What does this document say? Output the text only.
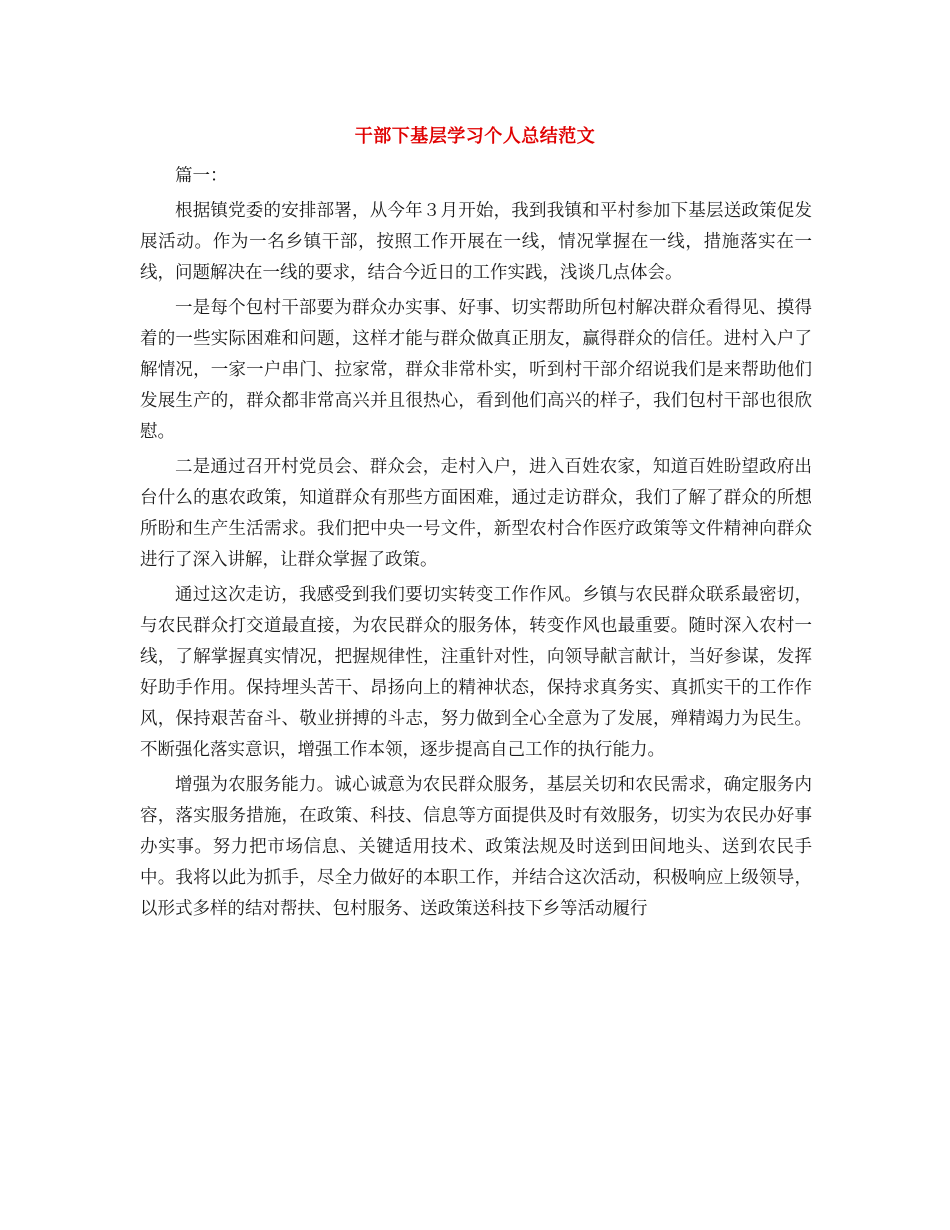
干部下基层学习个人总结范文

篇一：

根据镇党委的安排部署，从今年３月开始，我到我镇和平村参加下基层送政策促发展活动。作为一名乡镇干部，按照工作开展在一线，情况掌握在一线，措施落实在一线，问题解决在一线的要求，结合今近日的工作实践，浅谈几点体会。

一是每个包村干部要为群众办实事、好事、切实帮助所包村解决群众看得见、摸得着的一些实际困难和问题，这样才能与群众做真正朋友，赢得群众的信任。进村入户了解情况，一家一户串门、拉家常，群众非常朴实，听到村干部介绍说我们是来帮助他们发展生产的，群众都非常高兴并且很热心，看到他们高兴的样子，我们包村干部也很欣慰。

二是通过召开村党员会、群众会，走村入户，进入百姓农家，知道百姓盼望政府出台什么的惠农政策，知道群众有那些方面困难，通过走访群众，我们了解了群众的所想所盼和生产生活需求。我们把中央一号文件，新型农村合作医疗政策等文件精神向群众进行了深入讲解，让群众掌握了政策。

通过这次走访，我感受到我们要切实转变工作作风。乡镇与农民群众联系最密切，与农民群众打交道最直接，为农民群众的服务体，转变作风也最重要。随时深入农村一线，了解掌握真实情况，把握规律性，注重针对性，向领导献言献计，当好参谋，发挥好助手作用。保持埋头苦干、昂扬向上的精神状态，保持求真务实、真抓实干的工作作风，保持艰苦奋斗、敬业拼搏的斗志，努力做到全心全意为了发展，殚精竭力为民生。不断强化落实意识，增强工作本领，逐步提高自己工作的执行能力。

增强为农服务能力。诚心诚意为农民群众服务，基层关切和农民需求，确定服务内容，落实服务措施，在政策、科技、信息等方面提供及时有效服务，切实为农民办好事办实事。努力把市场信息、关键适用技术、政策法规及时送到田间地头、送到农民手中。我将以此为抓手，尽全力做好的本职工作，并结合这次活动，积极响应上级领导，以形式多样的结对帮扶、包村服务、送政策送科技下乡等活动履行
